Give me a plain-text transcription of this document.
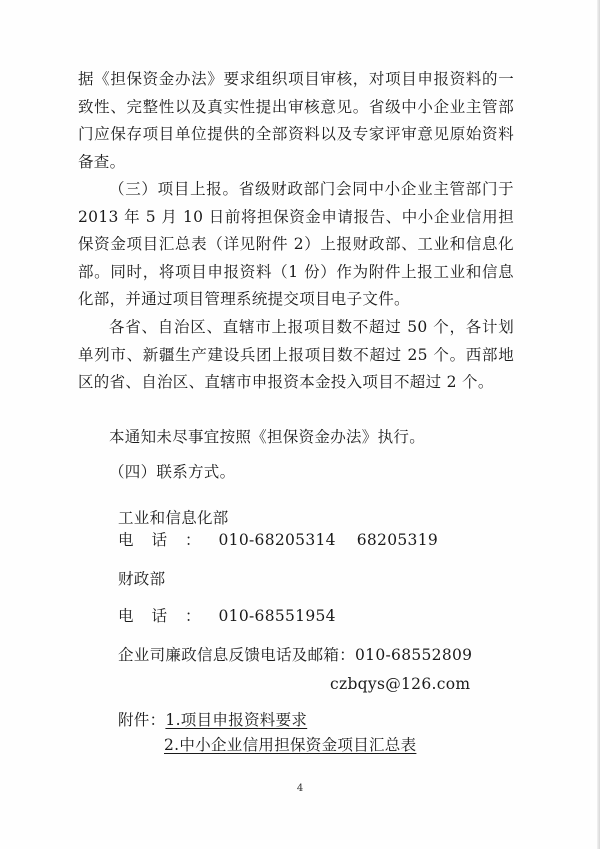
据《担保资金办法》要求组织项目审核，对项目申报资料的一致性、完整性以及真实性提出审核意见。省级中小企业主管部门应保存项目单位提供的全部资料以及专家评审意见原始资料备查。

（三）项目上报。省级财政部门会同中小企业主管部门于 2013 年 5 月 10 日前将担保资金申请报告、中小企业信用担保资金项目汇总表（详见附件 2）上报财政部、工业和信息化部。同时，将项目申报资料（1 份）作为附件上报工业和信息化部，并通过项目管理系统提交项目电子文件。

各省、自治区、直辖市上报项目数不超过 50 个，各计划单列市、新疆生产建设兵团上报项目数不超过 25 个。西部地区的省、自治区、直辖市申报资本金投入项目不超过 2 个。

本通知未尽事宜按照《担保资金办法》执行。

（四）联系方式。

工业和信息化部
电话：010-68205314    68205319
财政部
电话：010-68551954
企业司廉政信息反馈电话及邮箱：010-68552809
czbqys@126.com
附件：1.项目申报资料要求
2.中小企业信用担保资金项目汇总表
4
